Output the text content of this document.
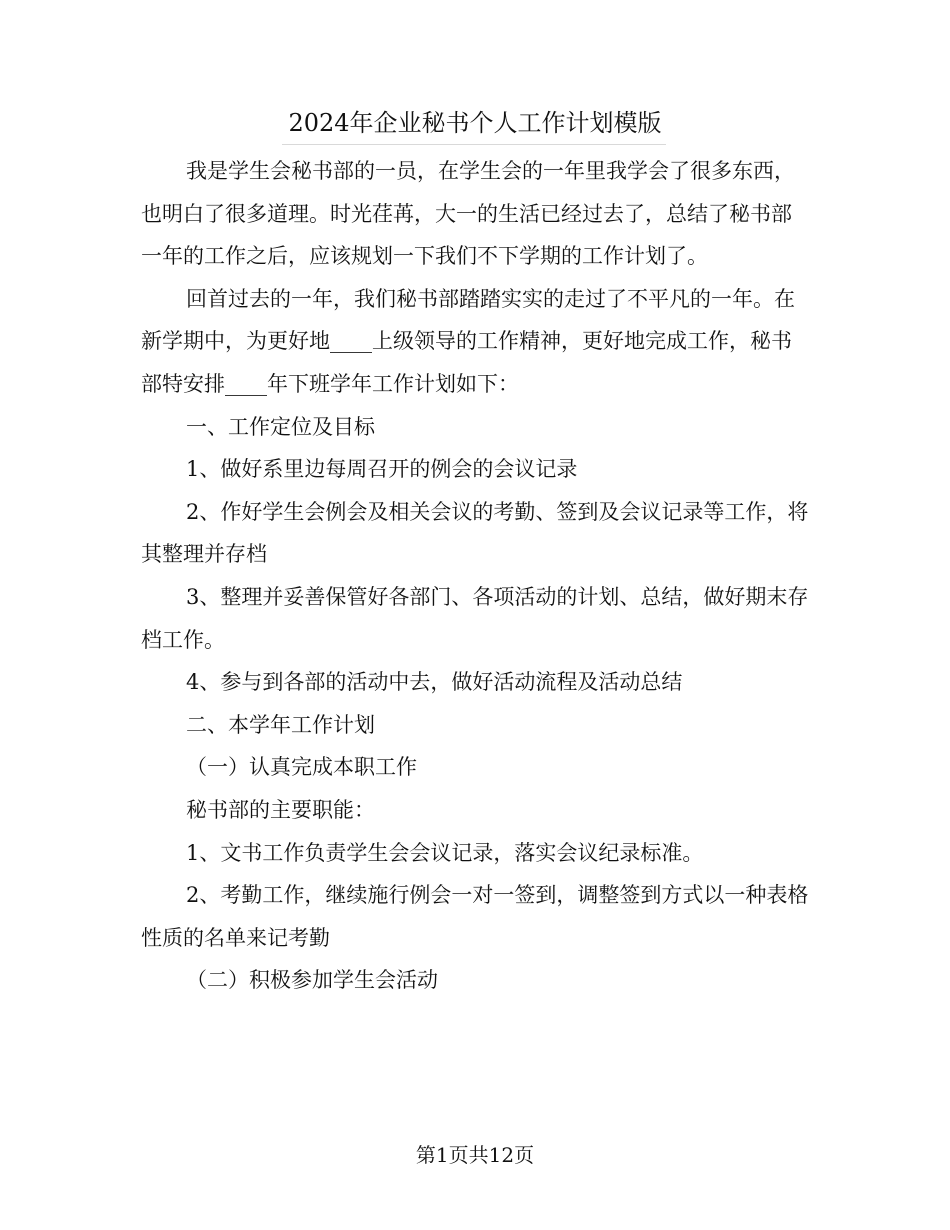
2024年企业秘书个人工作计划模版

我是学生会秘书部的一员，在学生会的一年里我学会了很多东西，也明白了很多道理。时光荏苒，大一的生活已经过去了，总结了秘书部一年的工作之后，应该规划一下我们不下学期的工作计划了。

回首过去的一年，我们秘书部踏踏实实的走过了不平凡的一年。在新学期中，为更好地____上级领导的工作精神，更好地完成工作，秘书部特安排____年下班学年工作计划如下：

一、工作定位及目标

1、做好系里边每周召开的例会的会议记录

2、作好学生会例会及相关会议的考勤、签到及会议记录等工作，将其整理并存档

3、整理并妥善保管好各部门、各项活动的计划、总结，做好期末存档工作。

4、参与到各部的活动中去，做好活动流程及活动总结

二、本学年工作计划

（一）认真完成本职工作

秘书部的主要职能：

1、文书工作负责学生会会议记录，落实会议纪录标准。

2、考勤工作，继续施行例会一对一签到，调整签到方式以一种表格性质的名单来记考勤

（二）积极参加学生会活动

第1页共12页
